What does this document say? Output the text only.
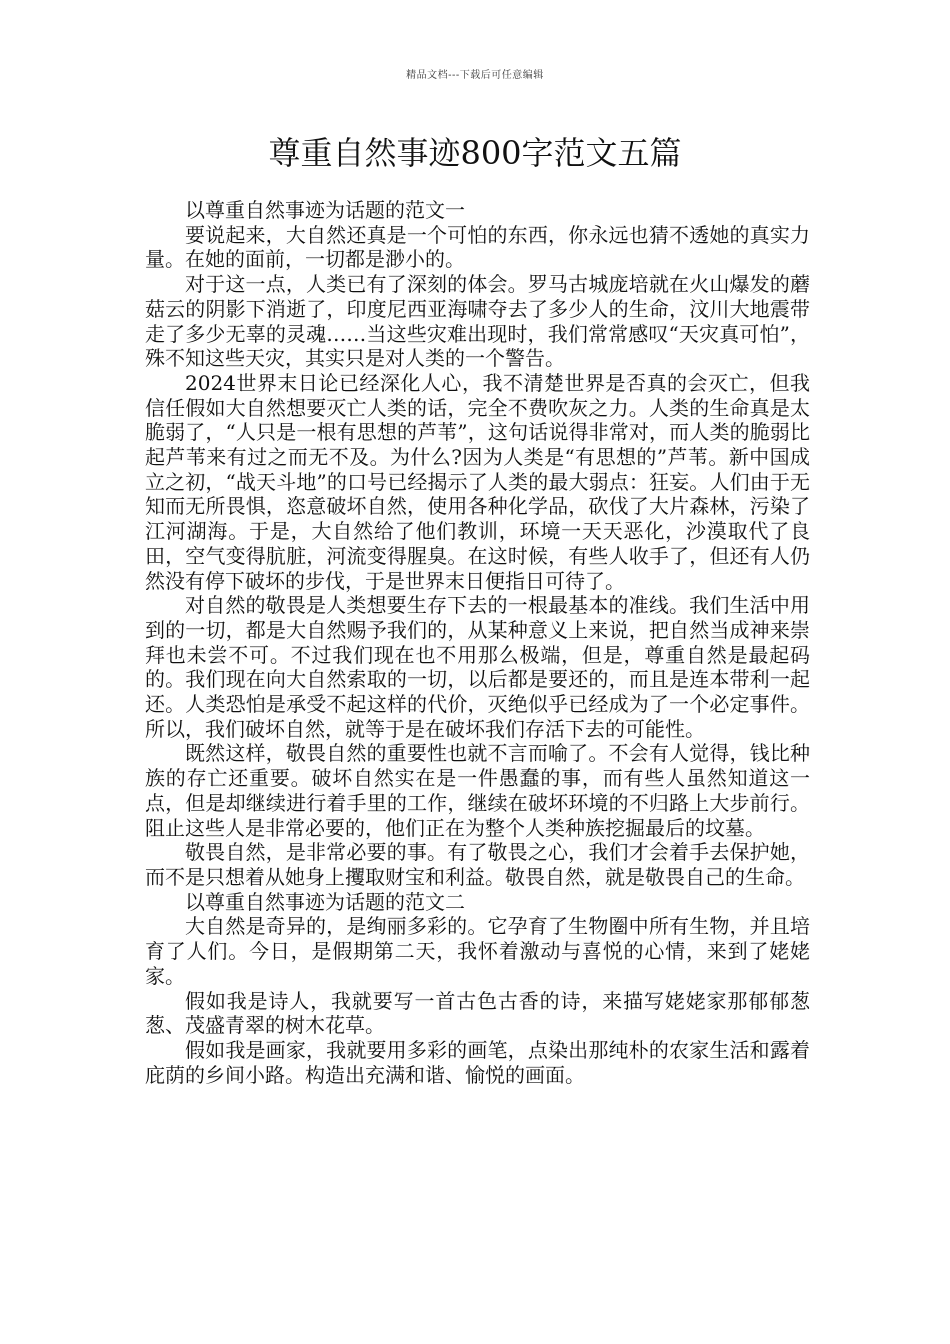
精品文档---下载后可任意编辑
尊重自然事迹800字范文五篇

以尊重自然事迹为话题的范文一

要说起来，大自然还真是一个可怕的东西，你永远也猜不透她的真实力量。在她的面前，一切都是渺小的。

对于这一点，人类已有了深刻的体会。罗马古城庞培就在火山爆发的蘑菇云的阴影下消逝了，印度尼西亚海啸夺去了多少人的生命，汶川大地震带走了多少无辜的灵魂……当这些灾难出现时，我们常常感叹“天灾真可怕”，殊不知这些天灾，其实只是对人类的一个警告。

2024世界末日论已经深化人心，我不清楚世界是否真的会灭亡，但我信任假如大自然想要灭亡人类的话，完全不费吹灰之力。人类的生命真是太脆弱了，“人只是一根有思想的芦苇”，这句话说得非常对，而人类的脆弱比起芦苇来有过之而无不及。为什么?因为人类是“有思想的”芦苇。新中国成立之初，“战天斗地”的口号已经揭示了人类的最大弱点：狂妄。人们由于无知而无所畏惧，恣意破坏自然，使用各种化学品，砍伐了大片森林，污染了江河湖海。于是，大自然给了他们教训，环境一天天恶化，沙漠取代了良田，空气变得肮脏，河流变得腥臭。在这时候，有些人收手了，但还有人仍然没有停下破坏的步伐，于是世界末日便指日可待了。

对自然的敬畏是人类想要生存下去的一根最基本的准线。我们生活中用到的一切，都是大自然赐予我们的，从某种意义上来说，把自然当成神来崇拜也未尝不可。不过我们现在也不用那么极端，但是，尊重自然是最起码的。我们现在向大自然索取的一切，以后都是要还的，而且是连本带利一起还。人类恐怕是承受不起这样的代价，灭绝似乎已经成为了一个必定事件。所以，我们破坏自然，就等于是在破坏我们存活下去的可能性。

既然这样，敬畏自然的重要性也就不言而喻了。不会有人觉得，钱比种族的存亡还重要。破坏自然实在是一件愚蠢的事，而有些人虽然知道这一点，但是却继续进行着手里的工作，继续在破坏环境的不归路上大步前行。阻止这些人是非常必要的，他们正在为整个人类种族挖掘最后的坟墓。

敬畏自然，是非常必要的事。有了敬畏之心，我们才会着手去保护她，而不是只想着从她身上攫取财宝和利益。敬畏自然，就是敬畏自己的生命。

以尊重自然事迹为话题的范文二

大自然是奇异的，是绚丽多彩的。它孕育了生物圈中所有生物，并且培育了人们。今日，是假期第二天，我怀着激动与喜悦的心情，来到了姥姥家。

假如我是诗人，我就要写一首古色古香的诗，来描写姥姥家那郁郁葱葱、茂盛青翠的树木花草。

假如我是画家，我就要用多彩的画笔，点染出那纯朴的农家生活和露着庇荫的乡间小路。构造出充满和谐、愉悦的画面。
